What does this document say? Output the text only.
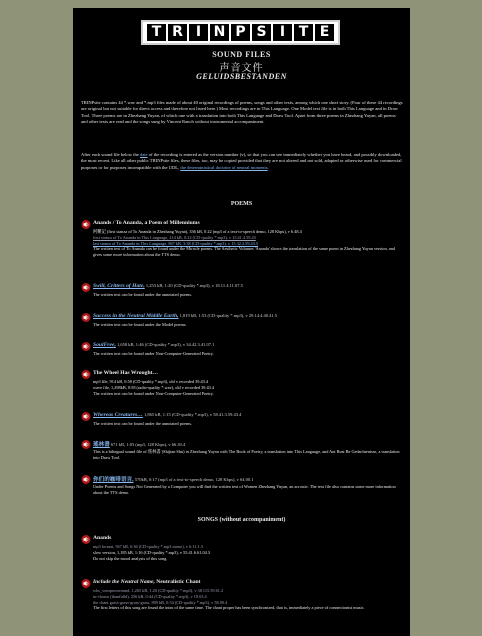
T R I N P S I T E
SOUND FILES
声音文件
GELUIDSBESTANDEN
TRINPsite contains 44 *.wav and *.mp3 files made of about 40 original recordings of poems, songs and other texts, among which one short story. (Four of these 44 recordings are original but not suitable for direct access and therefore not listed here.) Most recordings are in This Language. One Model text file is in both This Language and in Draw Tool. Three poems are in Zhezhang Yuyan, of which one with a translation into both This Language and Draw Tool. Apart from three poems in Zhezhang Yuyan, all poems and other texts are read and the songs sung by Vincent Ranch without instrumental accompaniment.
After each sound file below the date of the recording is entered as the version number (v), so that you can see immediately whether you have heard, and possibly downloaded, the most recent. Like all other public TRINPsite files, these files, too, may be copied provided that they are not altered and not sold, adapted or otherwise used for commercial purposes or for purposes incompatible with the UDL, the deterministical doctrine of neutral moments.
POEMS
Anands / To Ananda, a Poem of Millenniums
阿難記 (first stanza of To Ananda in Zhezhang Yuyan), 336 kB, 0:22 (mp3 of a text-to-speech demo, 128 Kbps), v 6.48.4
first stanza of To Ananda in This Language, 214 kB, 0:22 (CD-quality *.mp3), v 15.41.4.59.43
last stanza of To Ananda in This Language, 867 kB, 3:38 (CD-quality *.mp3), v 15.32.2.59.43.5
The written text of To Ananda can be found under the Miracle poems. The Aesthetic Volumes 'Ananda' shows the translation of the same poem in Zhezhang Yuyan version, and gives some more information about the TTS demo.
Swill, Critters of Hate, 1,253 kB, 1:20 (CD-quality *.mp3), v 18.11.4.11.07.5
The written text can be found under the annotated poems.
Success in the Neutral Middle Earth, 1,819 kB, 1:53 (CD-quality *.mp3), v 29.14.4.40.41.5
The written text can be found under the Model poems.
SoulFree, 1,658 kB, 1:46 (CD-quality *.mp3), v 34.42.3.41.07.1
The written text can be found under Non-Computer-Generated Poetry.
The Wheel Has Wrought…
mp3 file, 914 kB, 0:58 (CD-quality *.mp3), old v recorded 39.43.4
wave file, 1,298kB, 0:58 (radio-quality *.wav), old v recorded 39.43.4
The written text can be found under Non-Computer-Generated Poetry.
Whereas Creatures… 1,865 kB, 1:15 (CD-quality *.mp3), v 58.41.3.59.43.4
The written text can be found under the annotated poems.
瑤林書 671 kB, 1:03 (mp3, 128 Kbps), v 66.30.4
This is a bilingual sound file of 瑤林書 (Shijian Shu) in Zhezhang Yuyan with The Book of Poetry, a translation into This Language, and Ant Rust Be Gedachtenisse, a translation into Draw Tool.
你们的咖啡语言, 570kB, 0:17 (mp3 of a text-to-speech demo, 128 Kbps), v 64.00.1
Under Poems and Songs Not Generated by a Computer you will find the written text of Women Zhezhang Yuyan, an acrostic. The text file also contains some more information about the TTS demo.
SONGS (without accompaniment)
Anands
mp3 format, 567 kB, 0:36 (CD-quality *.mp3 mono), v 6.11.1.3
slow version, 1,185 kB, 1:16 (CD-quality *.mp3), v 55.41.6.61.04.3
Do not skip the mood analysis of this song.
Include the Neutral Name, Neutralistic Chant
wbs_vompowermind, 1,265 kB, 1:20 (CD-quality *.mp3), v 38.115.59.61.2
in-chorus (thanfulld), 256 kB, 0:44 (CD-quality *.mp3), v 18.63.4
the chant grass-grass-grass-grass, 809 kB, 0:54 (CD-quality *.mp3), v 58.00.4
The first letters of this song are found the intro of the same time. The chant proper has been synchronized, that is, immediately a piece of connectionist music.
